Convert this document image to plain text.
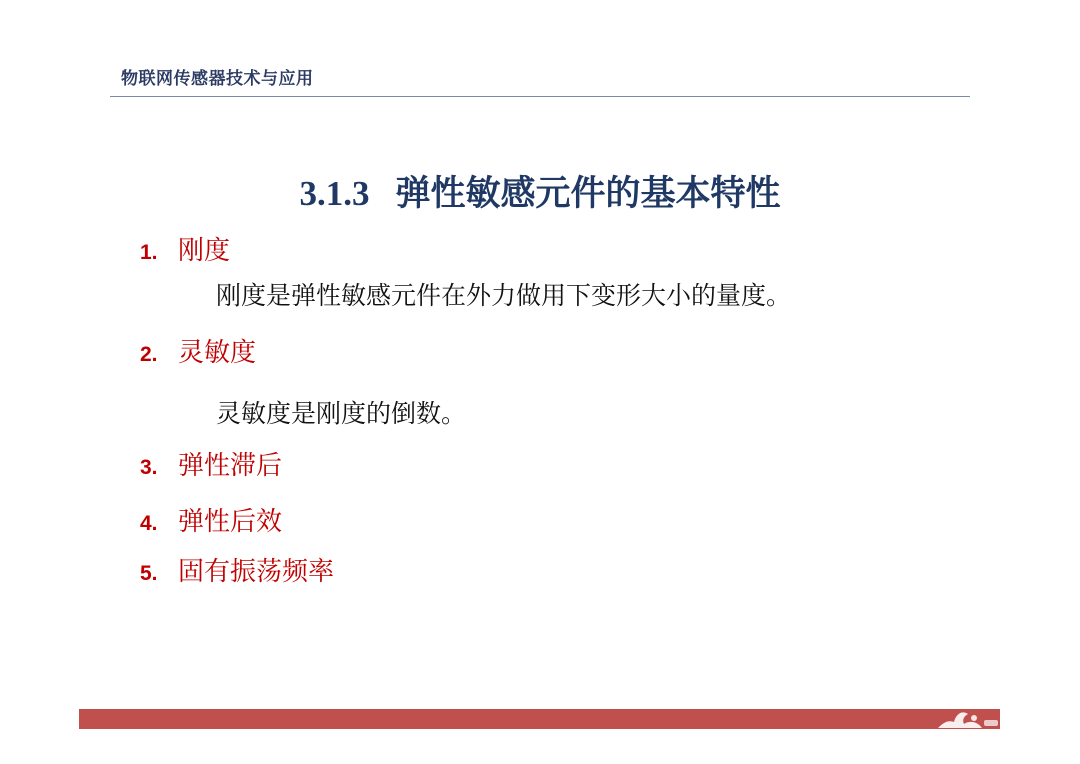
物联网传感器技术与应用
3.1.3 弹性敏感元件的基本特性
1. 刚度
刚度是弹性敏感元件在外力做用下变形大小的量度。
2. 灵敏度
灵敏度是刚度的倒数。
3. 弹性滞后
4. 弹性后效
5. 固有振荡频率
